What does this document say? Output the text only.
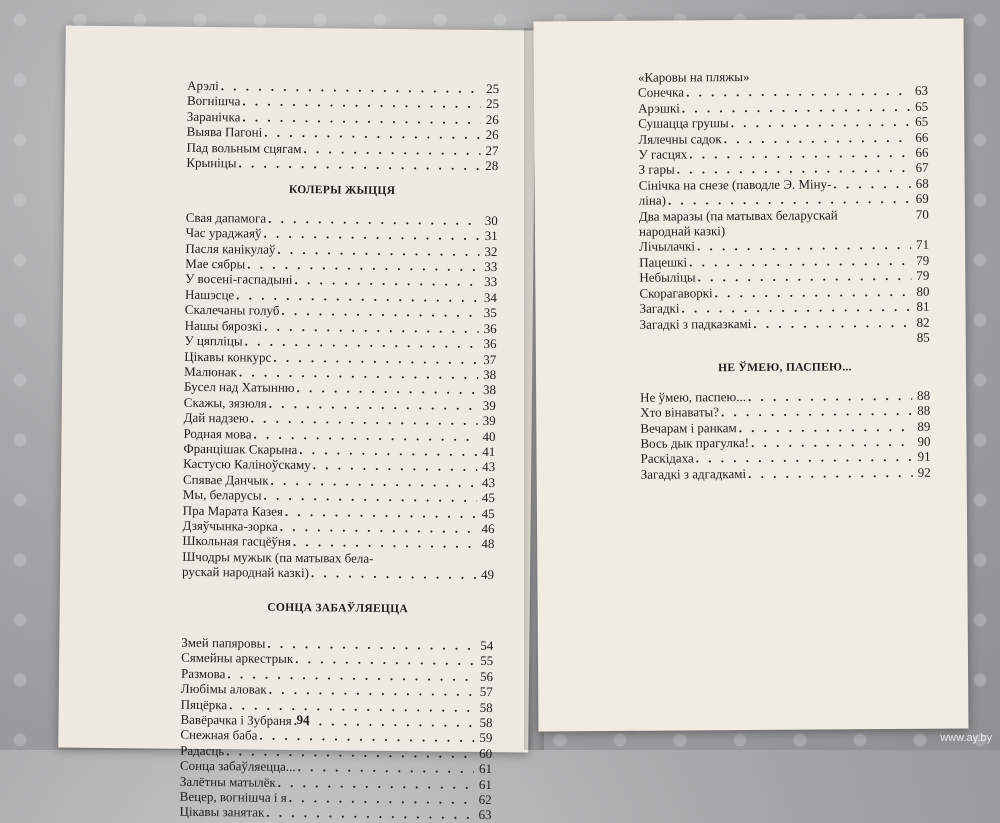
Арэлі . . .	25
Вогнішча . . .	25
Заранічка . . .	26
Выява Пагоні . . .	26
Пад вольным сцягам . . .	27
Крыніцы . . .	28
КОЛЕРЫ ЖЫЦЦЯ
Свая дапамога . . .	30
Час ураджаяў . . .	31
Пасля канікулаў . . .	32
Мае сябры . . .	33
У восені-гаспадыні . . .	33
Нашэсце . . .	34
Скалечаны голуб . . .	35
Нашы бярозкі . . .	36
У цяпліцы . . .	36
Цікавы конкурс . . .	37
Малюнак . . .	38
Бусел над Хатынню . . .	38
Скажы, зязюля . . .	39
Дай надзею . . .	39
Родная мова . . .	40
Францішак Скарына . . .	41
Кастусю Каліноўскаму . . .	43
Спявае Данчык . . .	43
Мы, беларусы . . .	45
Пра Марата Казея . . .	45
Дзяўчынка-зорка . . .	46
Школьная гасцёўня . . .	48
Шчодры мужык (па матывах бела-
рускай народнай казкі) . . .	49
СОНЦА ЗАБАЎЛЯЕЦЦА
Змей папяровы . . .	54
Сямейны аркестрык . . .	55
Размова . . .	56
Любімы аловак . . .	57
Пяцёрка . . .	58
Вавёрачка і Зубраня . . .	58
Снежная баба . . .	59
Радасць . . .	60
Сонца забаўляецца... . . .	61
Залётны матылёк . . .	61
Вецер, вогнішча і я . . .	62
Цікавы занятак . . .	63
94
«Каровы на пляжы»
Сонечка . . .	63
Арэшкі . . .	65
Сушацца грушы . . .	65
Лялечны садок . . .	66
У гасцях . . .	66
З гары . . .	67
Сінічка на снезе (паводле Э. Міну- . . .	68
ліна) . . .	69
Два маразы (па матывах беларускай	70
народнай казкі)
Лічылачкі . . .	71
Пацешкі . . .	79
Небыліцы . . .	79
Скорагаворкі . . .	80
Загадкі . . .	81
Загадкі з падказкамі . . .	82
85
НЕ ЎМЕЮ, ПАСПЕЮ...
Не ўмею, паспею... . . .	88
Хто вінаваты? . . .	88
Вечарам і ранкам . . .	89
Вось дык прагулка! . . .	90
Раскідаха . . .	91
Загадкі з адгадкамі . . .	92
www.ay.by
